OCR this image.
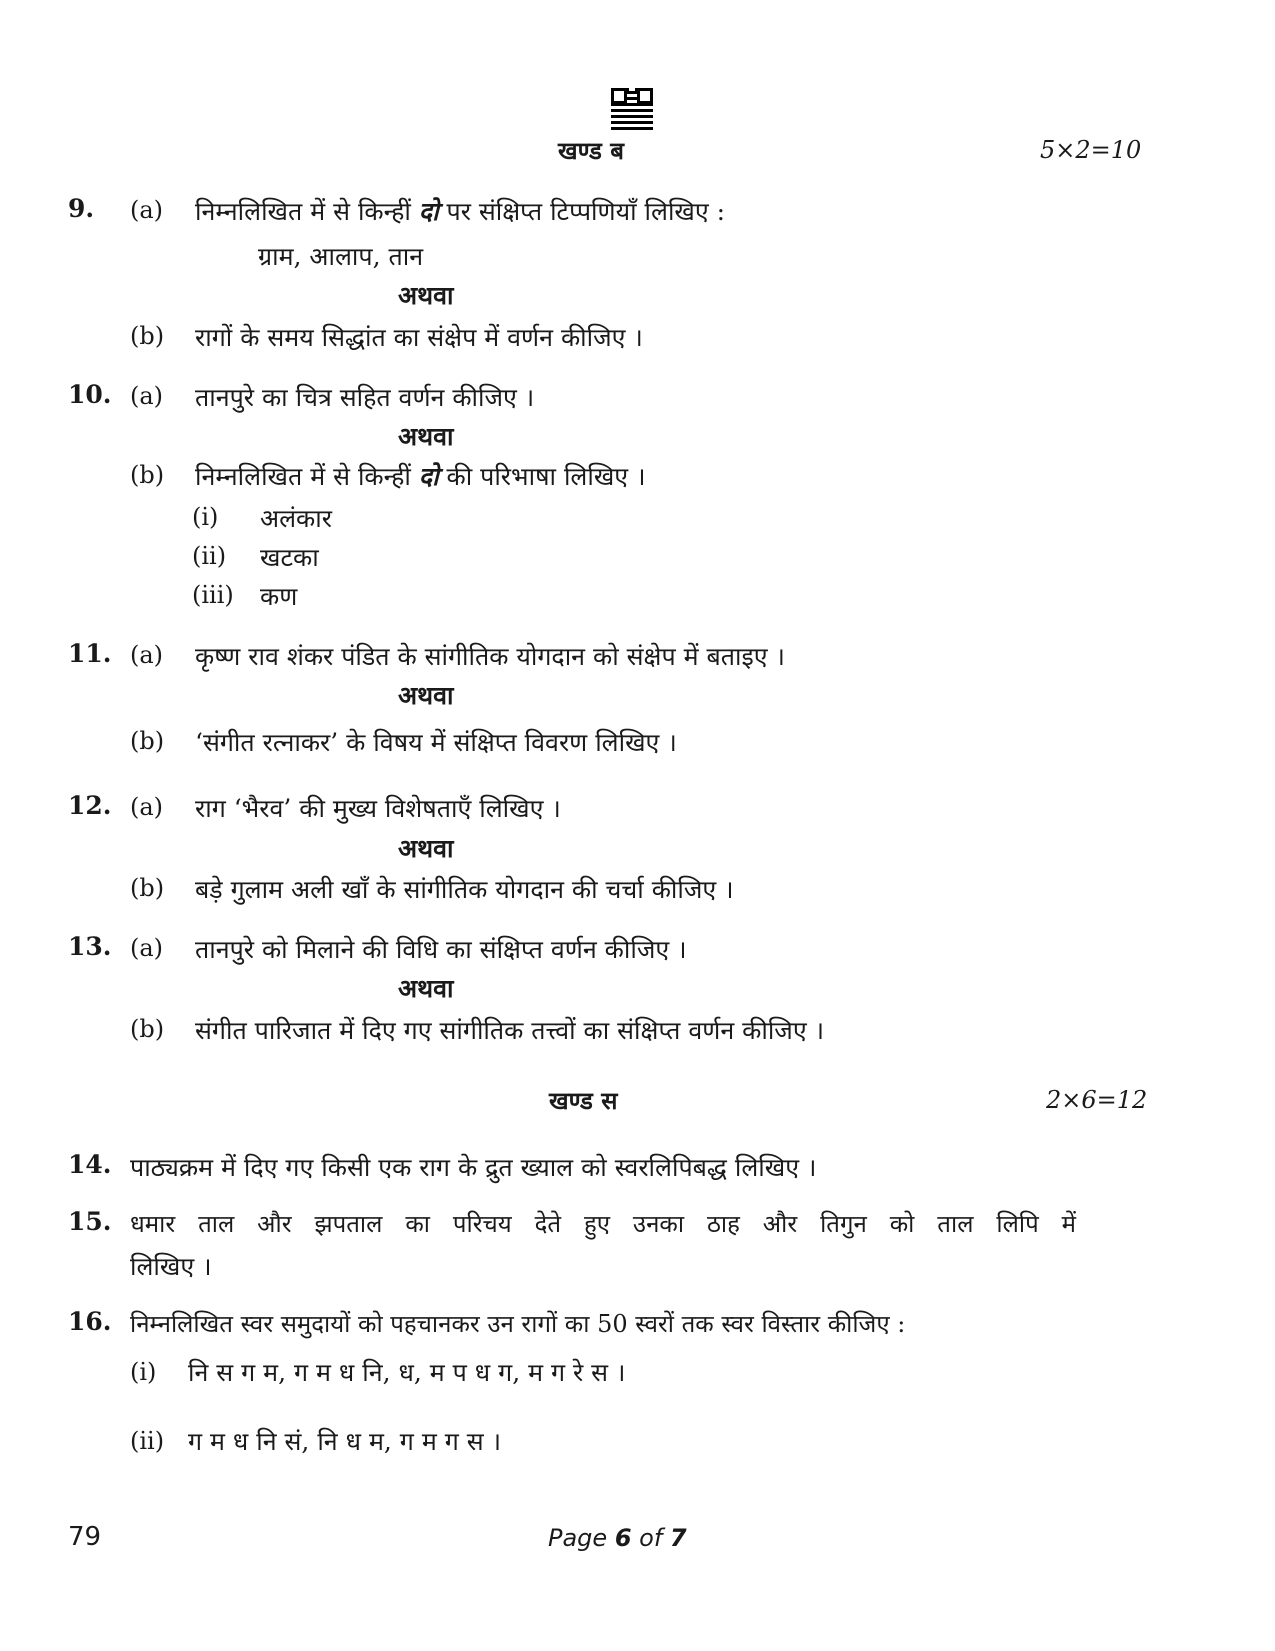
खण्ड ब	5×2=10
9. (a) निम्नलिखित में से किन्हीं दो पर संक्षिप्त टिप्पणियाँ लिखिए :
ग्राम, आलाप, तान
अथवा
(b) रागों के समय सिद्धांत का संक्षेप में वर्णन कीजिए ।
10. (a) तानपुरे का चित्र सहित वर्णन कीजिए ।
अथवा
(b) निम्नलिखित में से किन्हीं दो की परिभाषा लिखिए ।
(i) अलंकार
(ii) खटका
(iii) कण
11. (a) कृष्ण राव शंकर पंडित के सांगीतिक योगदान को संक्षेप में बताइए ।
अथवा
(b) ‘संगीत रत्नाकर’ के विषय में संक्षिप्त विवरण लिखिए ।
12. (a) राग ‘भैरव’ की मुख्य विशेषताएँ लिखिए ।
अथवा
(b) बड़े गुलाम अली खाँ के सांगीतिक योगदान की चर्चा कीजिए ।
13. (a) तानपुरे को मिलाने की विधि का संक्षिप्त वर्णन कीजिए ।
अथवा
(b) संगीत पारिजात में दिए गए सांगीतिक तत्त्वों का संक्षिप्त वर्णन कीजिए ।
खण्ड स	2×6=12
14. पाठ्यक्रम में दिए गए किसी एक राग के द्रुत ख्याल को स्वरलिपिबद्ध लिखिए ।
15. धमार ताल और झपताल का परिचय देते हुए उनका ठाह और तिगुन को ताल लिपि में
लिखिए ।
16. निम्नलिखित स्वर समुदायों को पहचानकर उन रागों का 50 स्वरों तक स्वर विस्तार कीजिए :
(i) नि स ग म, ग म ध नि, ध, म प ध ग, म ग रे स ।
(ii) ग म ध नि सं, नि ध म, ग म ग स ।
79	Page 6 of 7
